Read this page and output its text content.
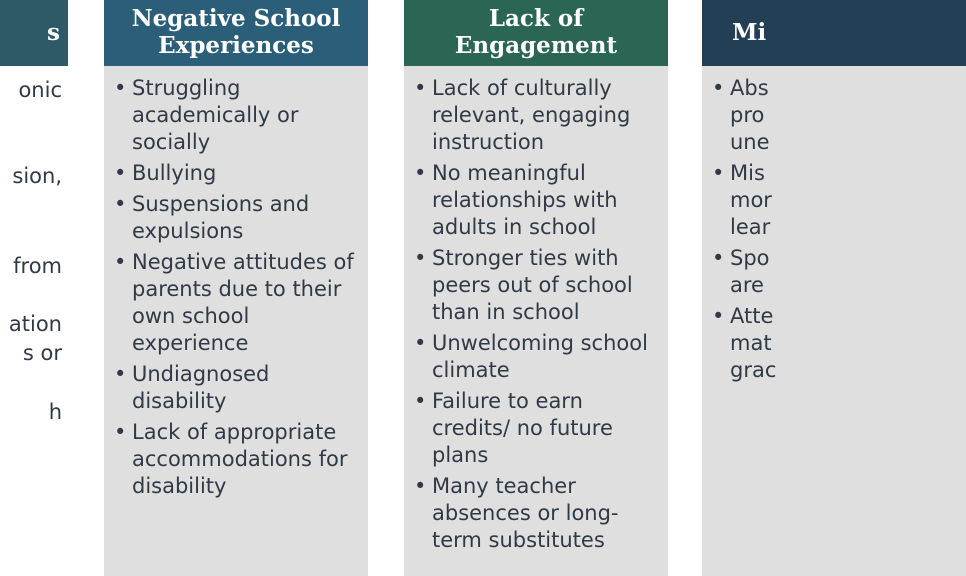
s
onic
sion,
from
ation
s or
h
Negative School
Experiences
• Struggling academically or socially
• Bullying
• Suspensions and expulsions
• Negative attitudes of parents due to their own school experience
• Undiagnosed disability
• Lack of appropriate accommodations for disability
Lack of
Engagement
• Lack of culturally relevant, engaging instruction
• No meaningful relationships with adults in school
• Stronger ties with peers out of school than in school
• Unwelcoming school climate
• Failure to earn credits/ no future plans
• Many teacher absences or long-term substitutes
Mi
• Abs pro une
• Mis mor lear
• Spo are
• Atte mat grac
